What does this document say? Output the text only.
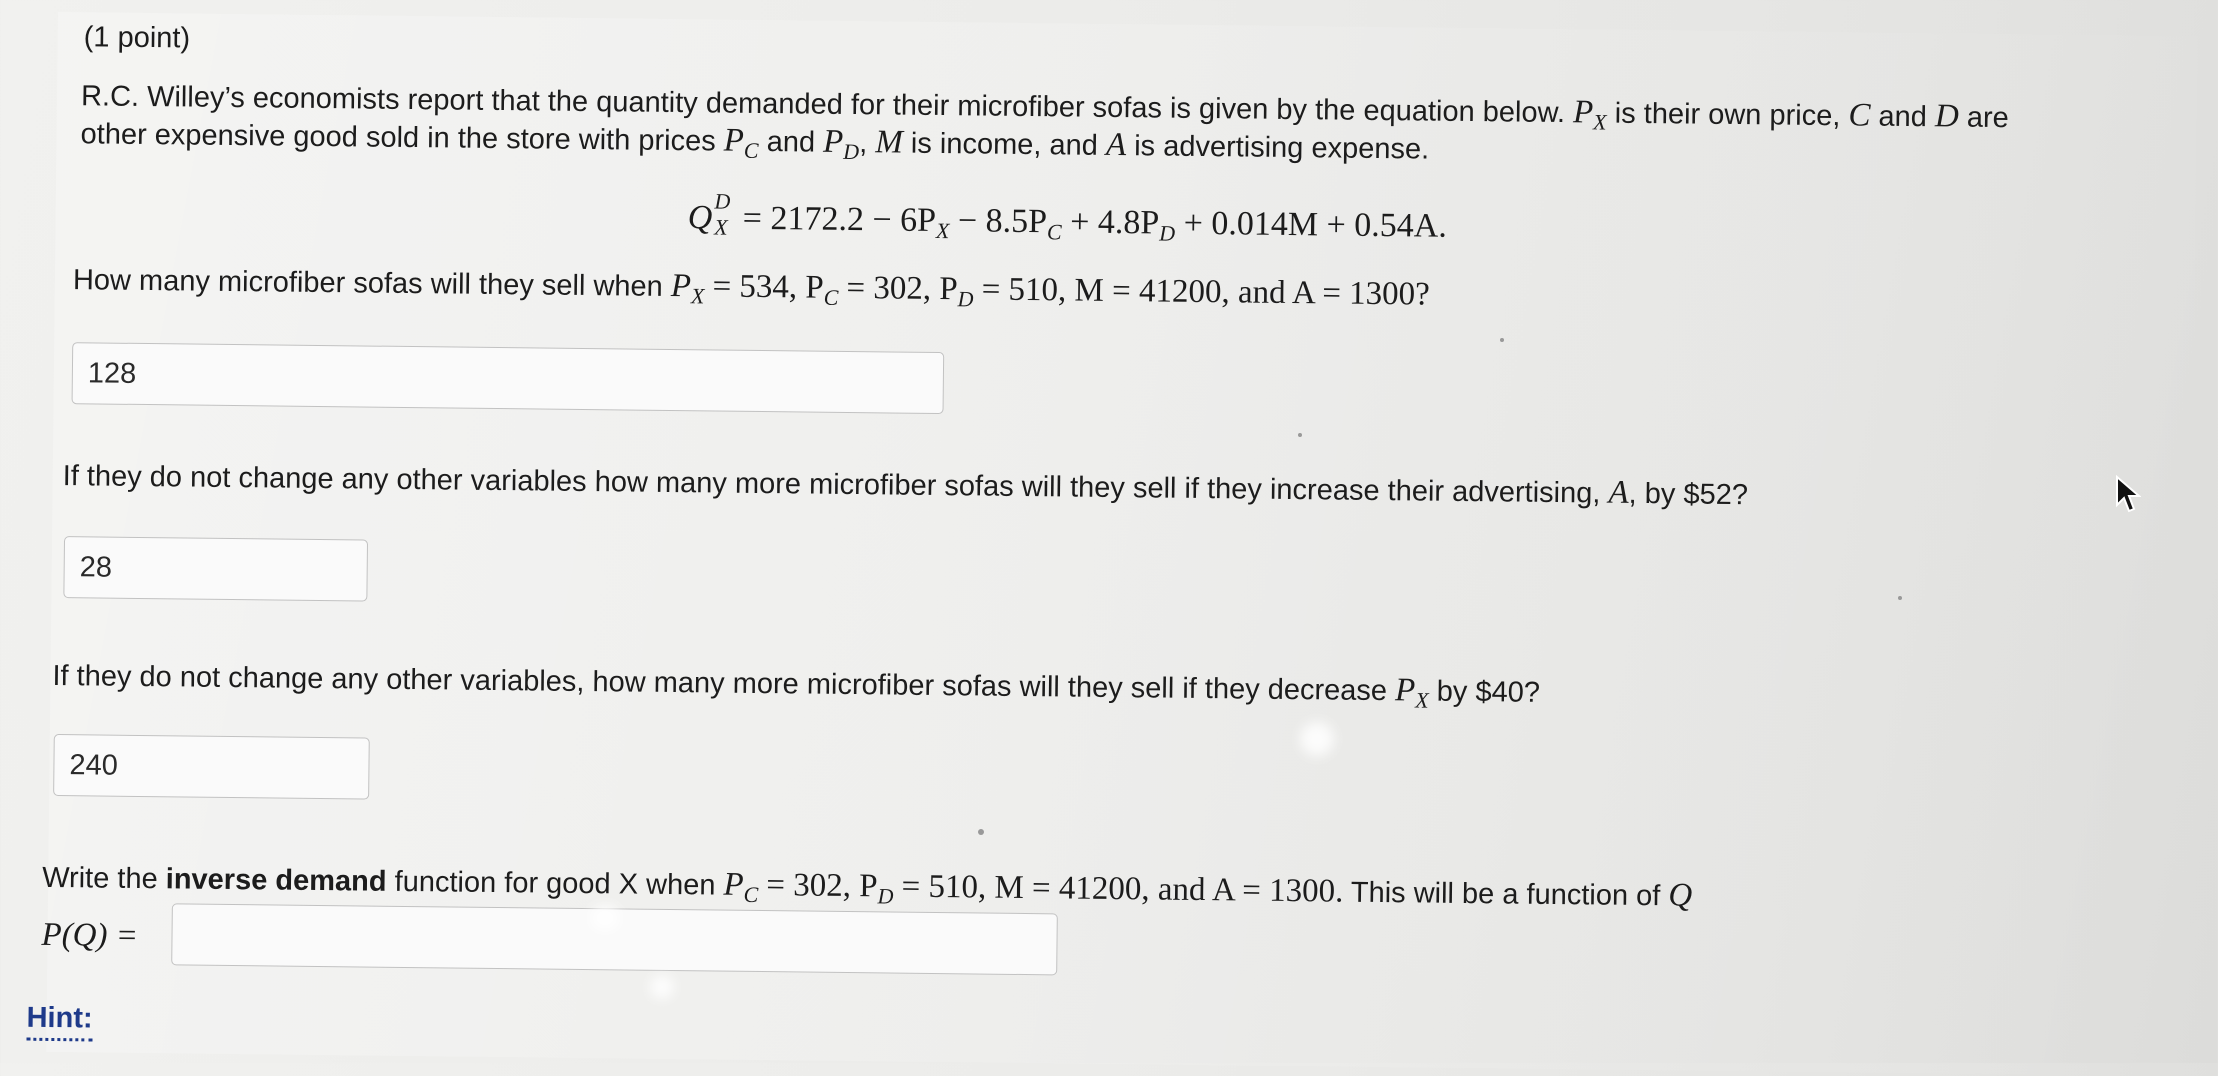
(1 point)
R.C. Willey’s economists report that the quantity demanded for their microfiber sofas is given by the equation below. $P_X$ is their own price, C and D are
other expensive good sold in the store with prices $P_C$ and $P_D$, M is income, and A is advertising expense.
Q D
$X = 2172.2 - 6P_X - 8.5P_C + 4.8P_D + 0.014M + 0.54A$.
How many microfiber sofas will they sell when $P_X = 534$, $P_C = 302$, $P_D = 510$, M = 41200, and A = 1300?
128
If they do not change any other variables how many more microfiber sofas will they sell if they increase their advertising, A, by $52?
28
If they do not change any other variables, how many more microfiber sofas will they sell if they decrease $P_X$ by $40?
240
Write the inverse demand function for good X when $P_C = 302$, $P_D = 510$, M = 41200, and A = 1300. This will be a function of Q
P(Q) =
Hint:
